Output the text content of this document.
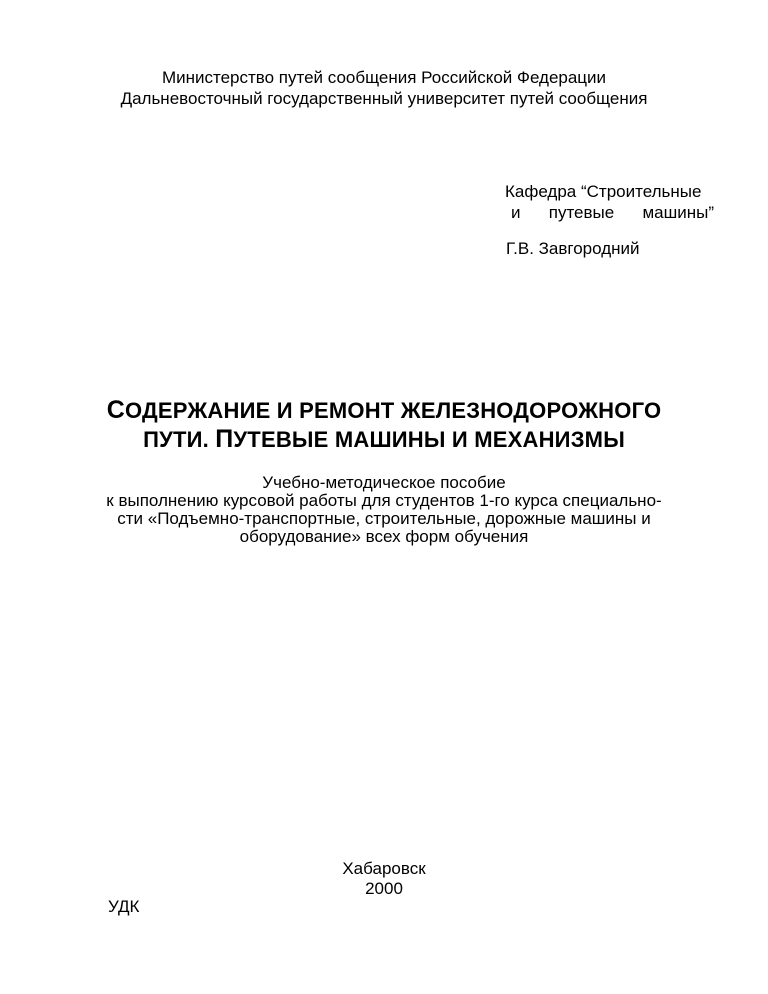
Министерство путей сообщения Российской Федерации
Дальневосточный государственный университет путей сообщения
Кафедра “Строительные
и путевые машины”
Г.В. Завгородний
СОДЕРЖАНИЕ И РЕМОНТ ЖЕЛЕЗНОДОРОЖНОГО
ПУТИ. ПУТЕВЫЕ МАШИНЫ И МЕХАНИЗМЫ
Учебно-методическое пособие
к выполнению курсовой работы для студентов 1-го курса специально-
сти «Подъемно-транспортные, строительные, дорожные машины и
оборудование» всех форм обучения
Хабаровск
2000
УДК
